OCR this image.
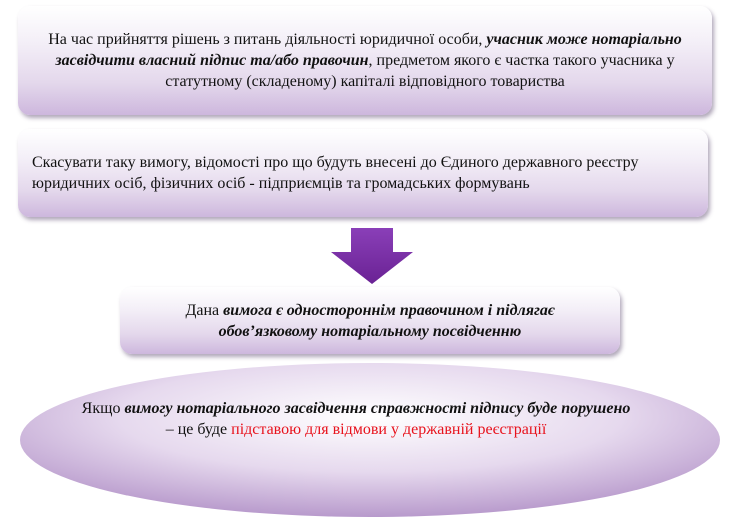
На час прийняття рішень з питань діяльності юридичної особи, учасник може нотаріально засвідчити власний підпис та/або правочин, предметом якого є частка такого учасника у статутному (складеному) капіталі відповідного товариства
Скасувати таку вимогу, відомості про що будуть внесені до Єдиного державного реєстру юридичних осіб, фізичних осіб - підприємців та громадських формувань
Дана вимога є одностороннім правочином і підлягає обов’язковому нотаріальному посвідченню
Якщо вимогу нотаріального засвідчення справжності підпису буде порушено – це буде підставою для відмови у державній реєстрації
